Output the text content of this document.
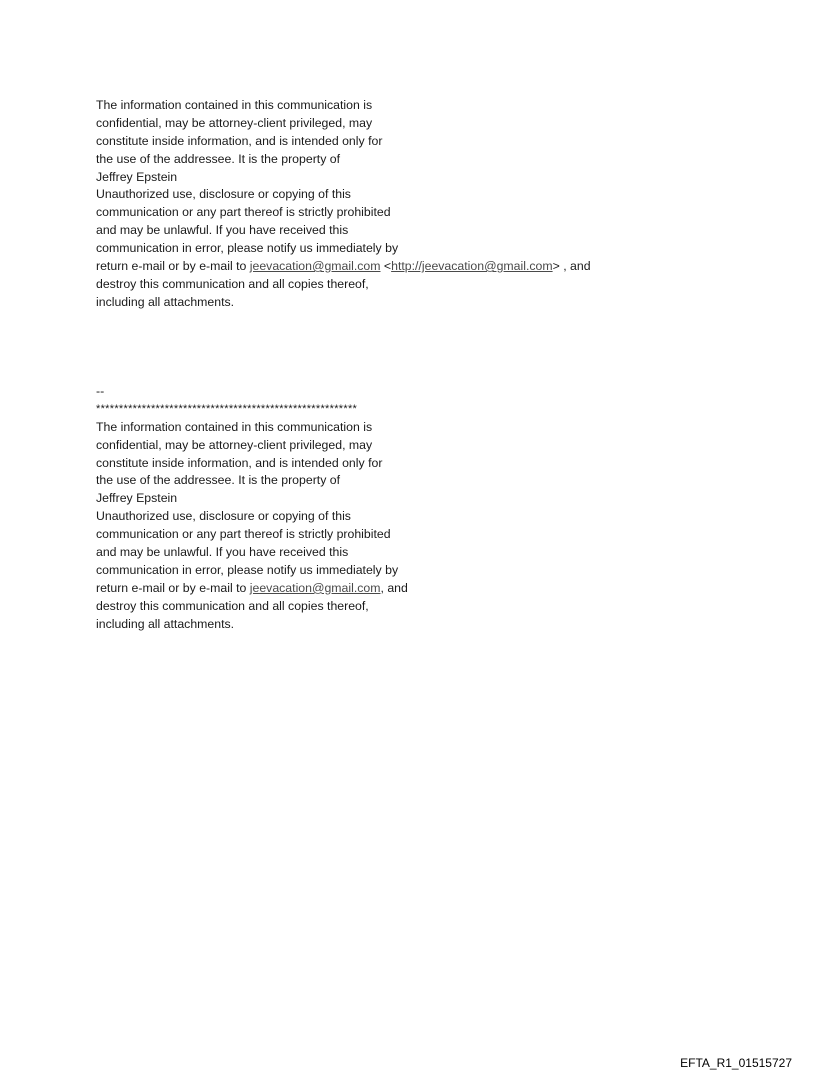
The information contained in this communication is
confidential, may be attorney-client privileged, may
constitute inside information, and is intended only for
the use of the addressee. It is the property of
Jeffrey Epstein
Unauthorized use, disclosure or copying of this
communication or any part thereof is strictly prohibited
and may be unlawful. If you have received this
communication in error, please notify us immediately by
return e-mail or by e-mail to jeevacation@gmail.com <http://jeevacation@gmail.com> , and
destroy this communication and all copies thereof,
including all attachments.
--
*********************************************************
The information contained in this communication is
confidential, may be attorney-client privileged, may
constitute inside information, and is intended only for
the use of the addressee. It is the property of
Jeffrey Epstein
Unauthorized use, disclosure or copying of this
communication or any part thereof is strictly prohibited
and may be unlawful. If you have received this
communication in error, please notify us immediately by
return e-mail or by e-mail to jeevacation@gmail.com, and
destroy this communication and all copies thereof,
including all attachments.
EFTA_R1_01515727
